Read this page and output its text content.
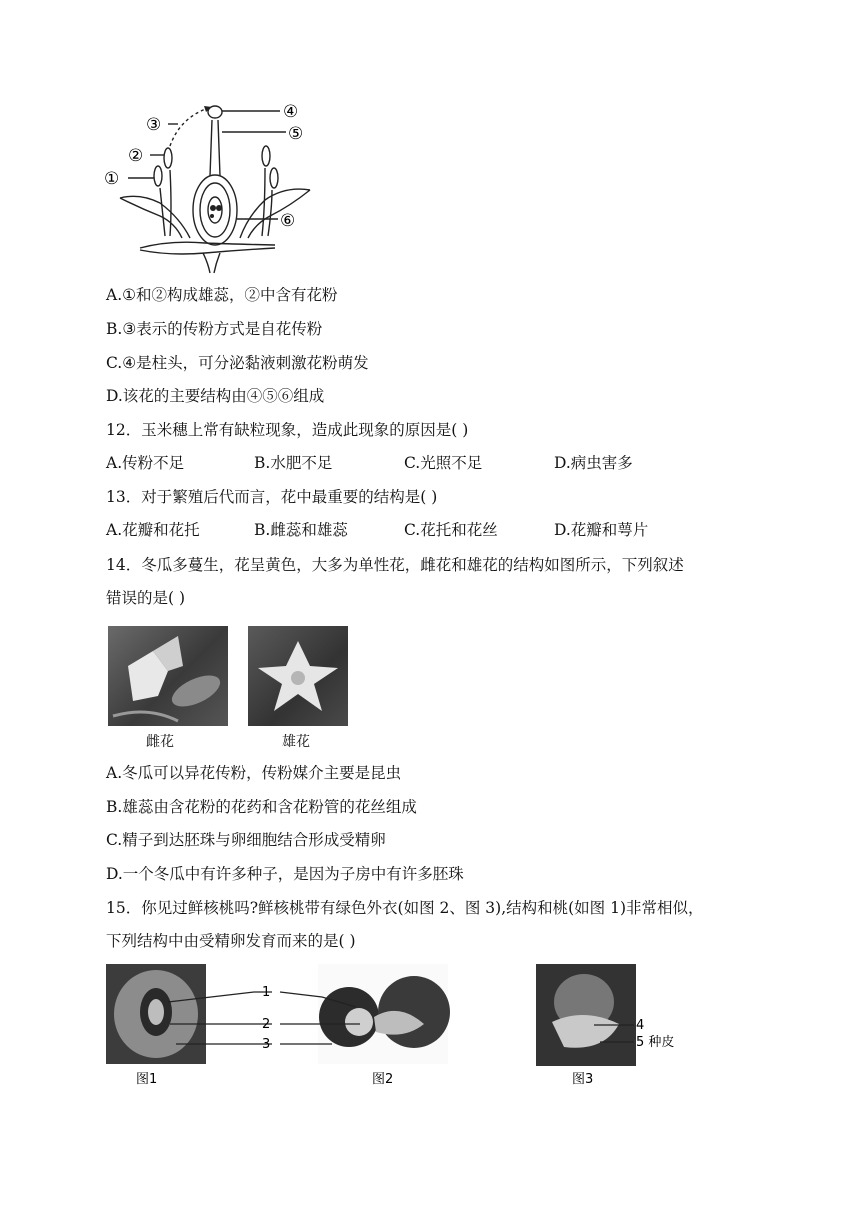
①
②
③
④
⑤
⑥
A.①和②构成雄蕊，②中含有花粉
B.③表示的传粉方式是自花传粉
C.④是柱头，可分泌黏液刺激花粉萌发
D.该花的主要结构由④⑤⑥组成
12．玉米穗上常有缺粒现象，造成此现象的原因是( )
A.传粉不足	B.水肥不足	C.光照不足	D.病虫害多
13．对于繁殖后代而言，花中最重要的结构是( )
A.花瓣和花托	B.雌蕊和雄蕊	C.花托和花丝	D.花瓣和萼片
14．冬瓜多蔓生，花呈黄色，大多为单性花，雌花和雄花的结构如图所示，下列叙述
错误的是( )
雌花	雄花
A.冬瓜可以异花传粉，传粉媒介主要是昆虫
B.雄蕊由含花粉的花药和含花粉管的花丝组成
C.精子到达胚珠与卵细胞结合形成受精卵
D.一个冬瓜中有许多种子，是因为子房中有许多胚珠
15．你见过鲜核桃吗?鲜核桃带有绿色外衣(如图 2、图 3),结构和桃(如图 1)非常相似，
下列结构中由受精卵发育而来的是( )
1
2
3
4
5 种皮
图1	图2	图3
